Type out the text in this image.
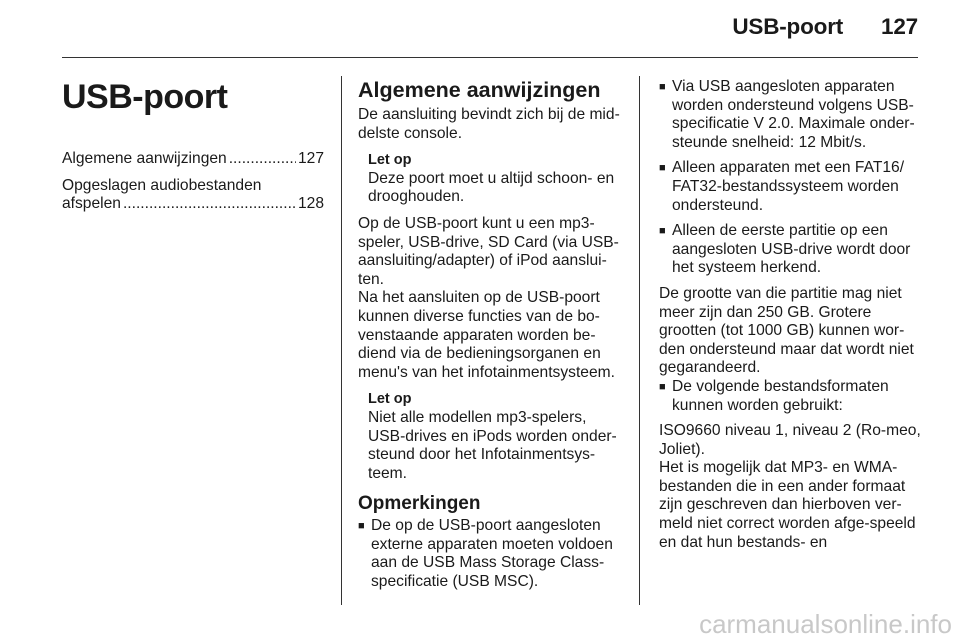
USB-poort 127
USB-poort
Algemene aanwijzingen .....	127
Opgeslagen audiobestanden
afspelen .....	128
Algemene aanwijzingen

De aansluiting bevindt zich bij de mid-delste console.

Let op
Deze poort moet u altijd schoon- en drooghouden.

Op de USB-poort kunt u een mp3-speler, USB-drive, SD Card (via USB-aansluiting/adapter) of iPod aanslui-ten.

Na het aansluiten op de USB-poort kunnen diverse functies van de bo-venstaande apparaten worden be-diend via de bedieningsorganen en menu's van het infotainmentsysteem.

Let op
Niet alle modellen mp3-spelers, USB-drives en iPods worden onder-steund door het Infotainmentsys-teem.
Opmerkingen
■ De op de USB-poort aangesloten externe apparaten moeten voldoen aan de USB Mass Storage Class-specificatie (USB MSC).
■ Via USB aangesloten apparaten worden ondersteund volgens USB-specificatie V 2.0. Maximale onder-steunde snelheid: 12 Mbit/s.
■ Alleen apparaten met een FAT16/ FAT32-bestandssysteem worden ondersteund.
■ Alleen de eerste partitie op een aangesloten USB-drive wordt door het systeem herkend.

De grootte van die partitie mag niet meer zijn dan 250 GB. Grotere grootten (tot 1000 GB) kunnen wor-den ondersteund maar dat wordt niet gegarandeerd.

■ De volgende bestandsformaten kunnen worden gebruikt:

ISO9660 niveau 1, niveau 2 (Ro-meo, Joliet).

Het is mogelijk dat MP3- en WMA-bestanden die in een ander formaat zijn geschreven dan hierboven ver-meld niet correct worden afge-speeld en dat hun bestands- en

carmanualsonline.info
